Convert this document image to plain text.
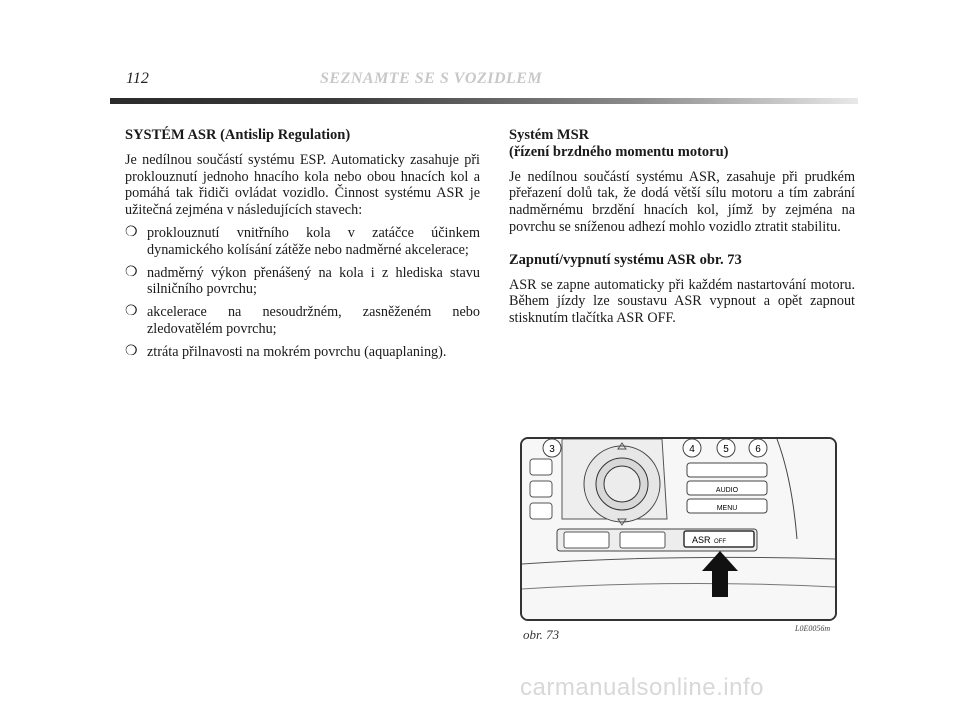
112	SEZNAMTE SE S VOZIDLEM
SYSTÉM ASR (Antislip Regulation)

Je nedílnou součástí systému ESP. Automaticky zasahuje při proklouznutí jednoho hnacího kola nebo obou hnacích kol a pomáhá tak řidiči ovládat vozidlo. Činnost systému ASR je užitečná zejména v následujících stavech:

❍ proklouznutí vnitřního kola v zatáčce účinkem dynamického kolísání zátěže nebo nadměrné akcelerace;
❍ nadměrný výkon přenášený na kola i z hlediska stavu silničního povrchu;
❍ akcelerace na nesoudržném, zasněženém nebo zledovatělém povrchu;
❍ ztráta přilnavosti na mokrém povrchu (aquaplaning).
Systém MSR
(řízení brzdného momentu motoru)

Je nedílnou součástí systému ASR, zasahuje při prudkém přeřazení dolů tak, že dodá větší sílu motoru a tím zabrání nadměrnému brzdění hnacích kol, jímž by zejména na povrchu se sníženou adhezí mohlo vozidlo ztratit stabilitu.

Zapnutí/vypnutí systému ASR obr. 73

ASR se zapne automaticky při každém nastartování motoru. Během jízdy lze soustavu ASR vypnout a opět zapnout stisknutím tlačítka ASR OFF.

3	4	5	6
AUDIO
MENU
ASR OFF
obr. 73	L0E0056m
carmanualsonline.info
